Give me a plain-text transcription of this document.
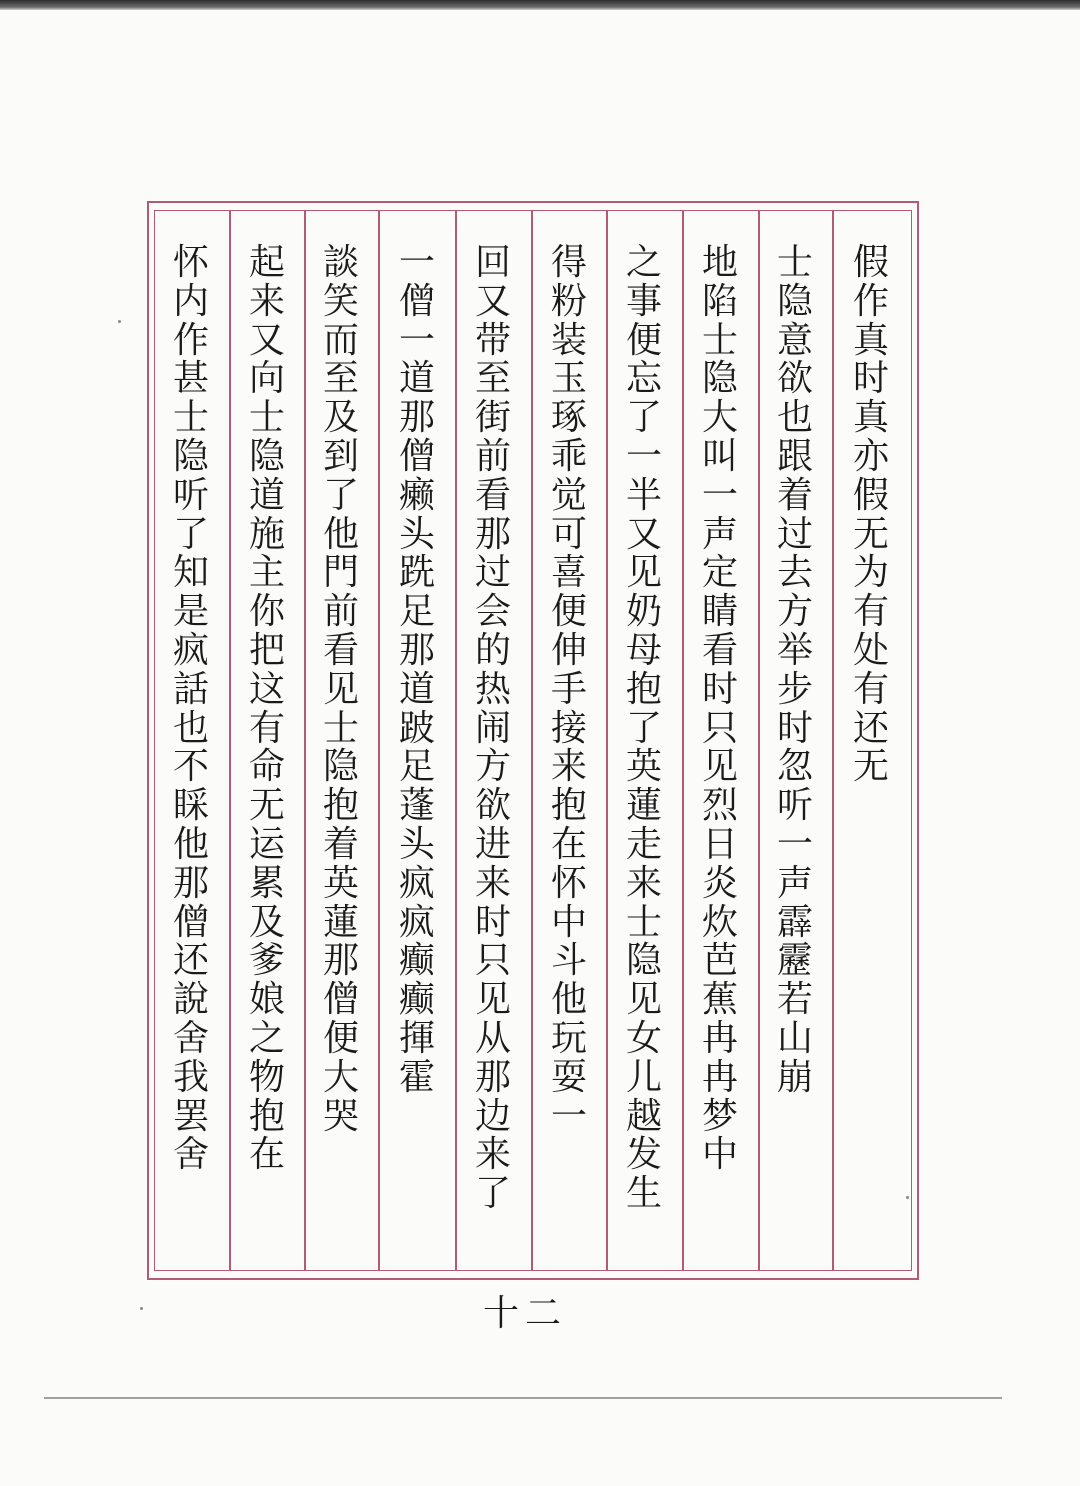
假
作
真
时
真
亦
假
无
为
有
处
有
还
无
士
隐
意
欲
也
跟
着
过
去
方
举
步
时
忽
听
一
声
霹
靂
若
山
崩
地
陷
士
隐
大
叫
一
声
定
睛
看
时
只
见
烈
日
炎
炊
芭
蕉
冉
冉
梦
中
之
事
便
忘
了
一
半
又
见
奶
母
抱
了
英
蓮
走
来
士
隐
见
女
儿
越
发
生
得
粉
装
玉
琢
乖
觉
可
喜
便
伸
手
接
来
抱
在
怀
中
斗
他
玩
耍
一
回
又
带
至
街
前
看
那
过
会
的
热
闹
方
欲
进
来
时
只
见
从
那
边
来
了
一
僧
一
道
那
僧
癞
头
跣
足
那
道
跛
足
蓬
头
疯
疯
癫
癫
揮
霍
談
笑
而
至
及
到
了
他
門
前
看
见
士
隐
抱
着
英
蓮
那
僧
便
大
哭
起
来
又
向
士
隐
道
施
主
你
把
这
有
命
无
运
累
及
爹
娘
之
物
抱
在
怀
内
作
甚
士
隐
听
了
知
是
疯
話
也
不
睬
他
那
僧
还
說
舍
我
罢
舍
十二
